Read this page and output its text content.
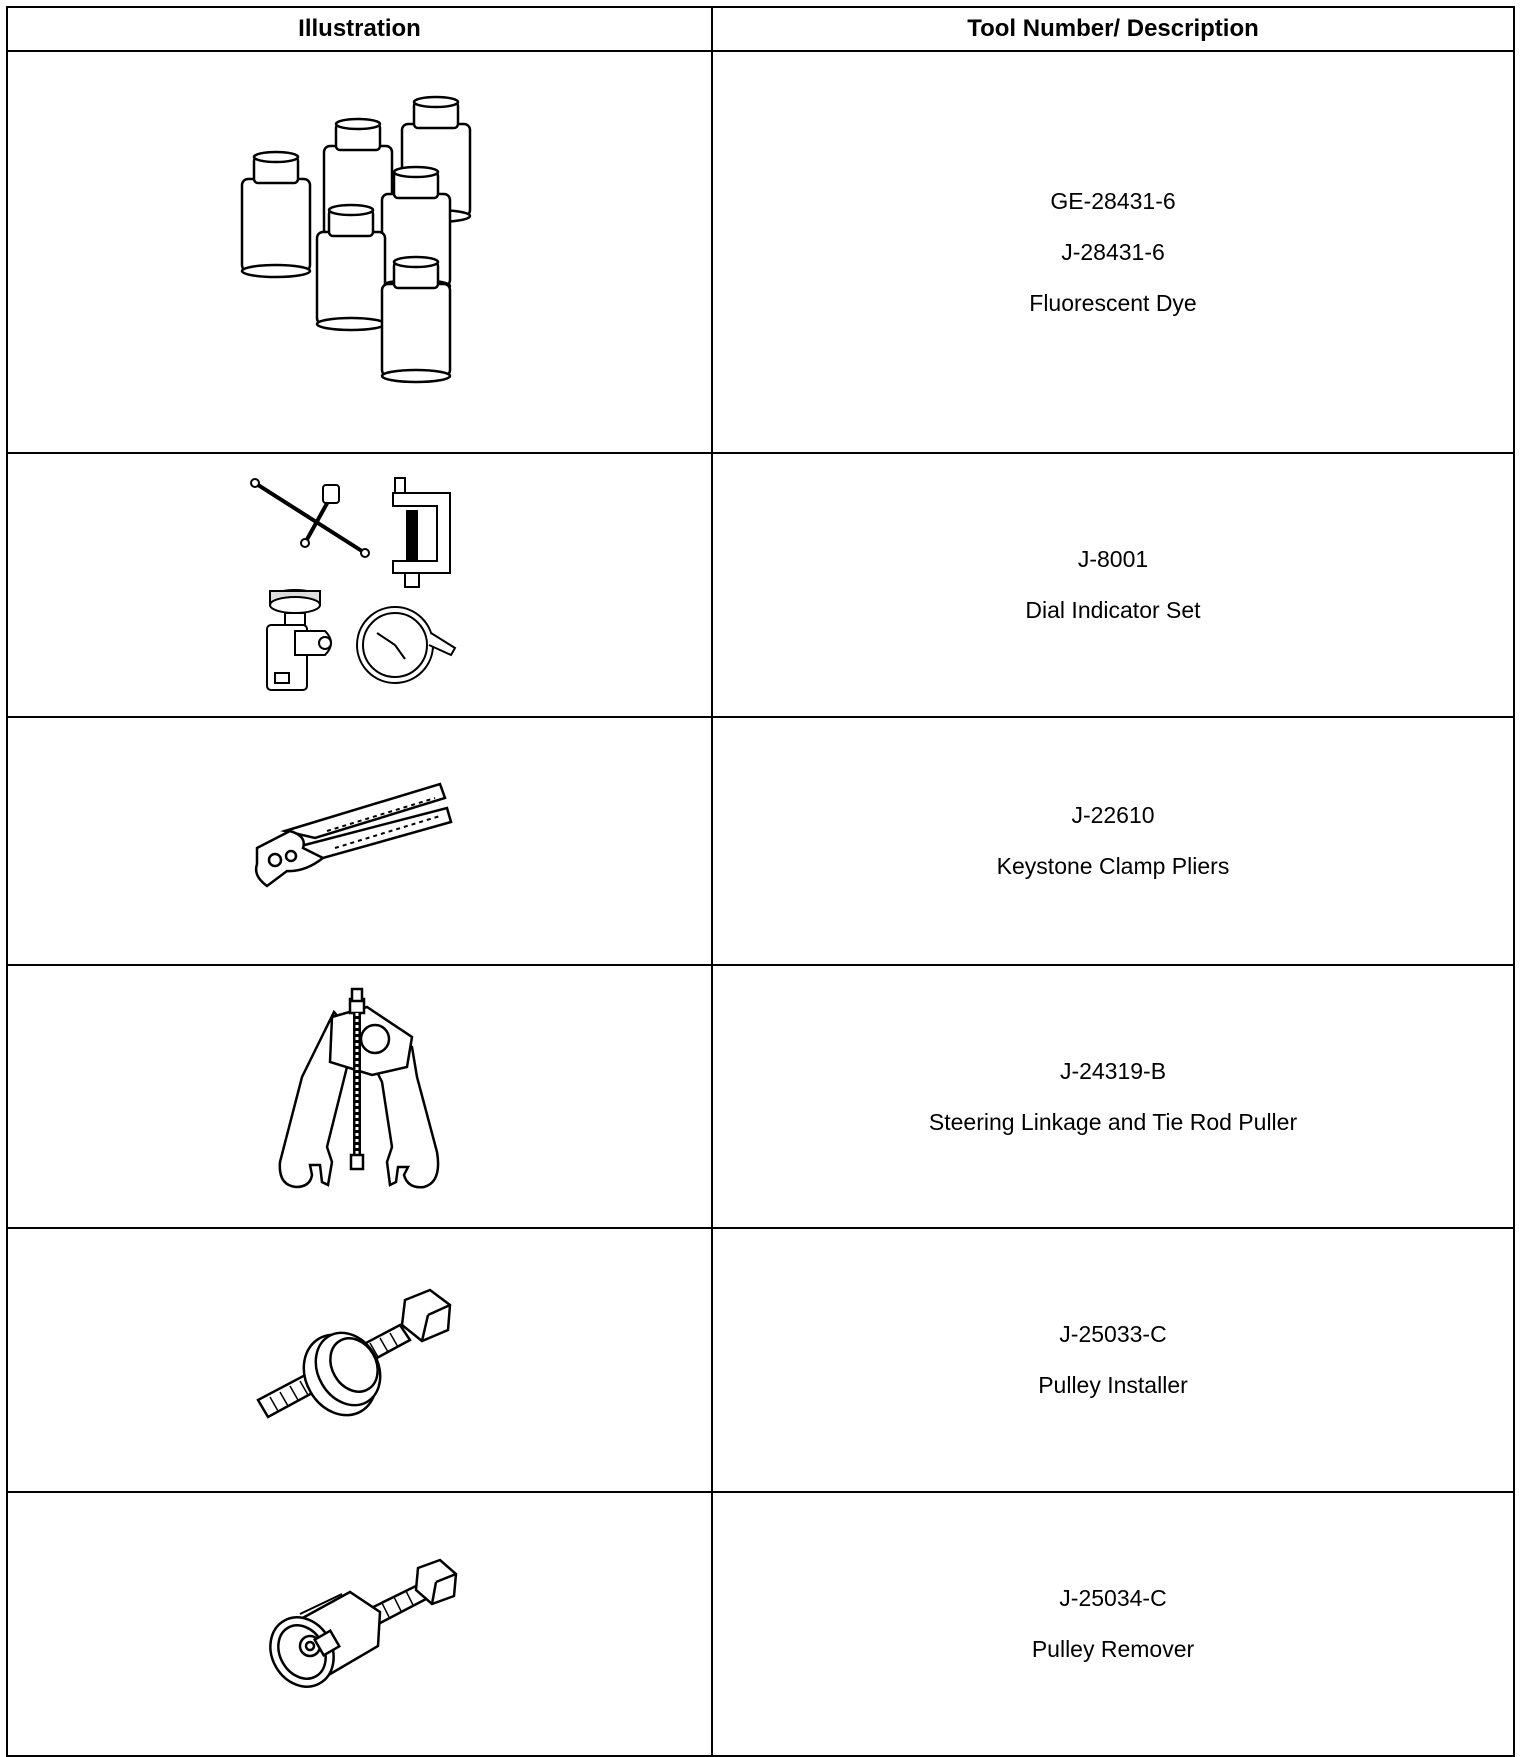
Illustration	Tool Number/ Description

GE-28431-6
J-28431-6
Fluorescent Dye

J-8001
Dial Indicator Set

J-22610
Keystone Clamp Pliers

J-24319-B
Steering Linkage and Tie Rod Puller

J-25033-C
Pulley Installer

J-25034-C
Pulley Remover
